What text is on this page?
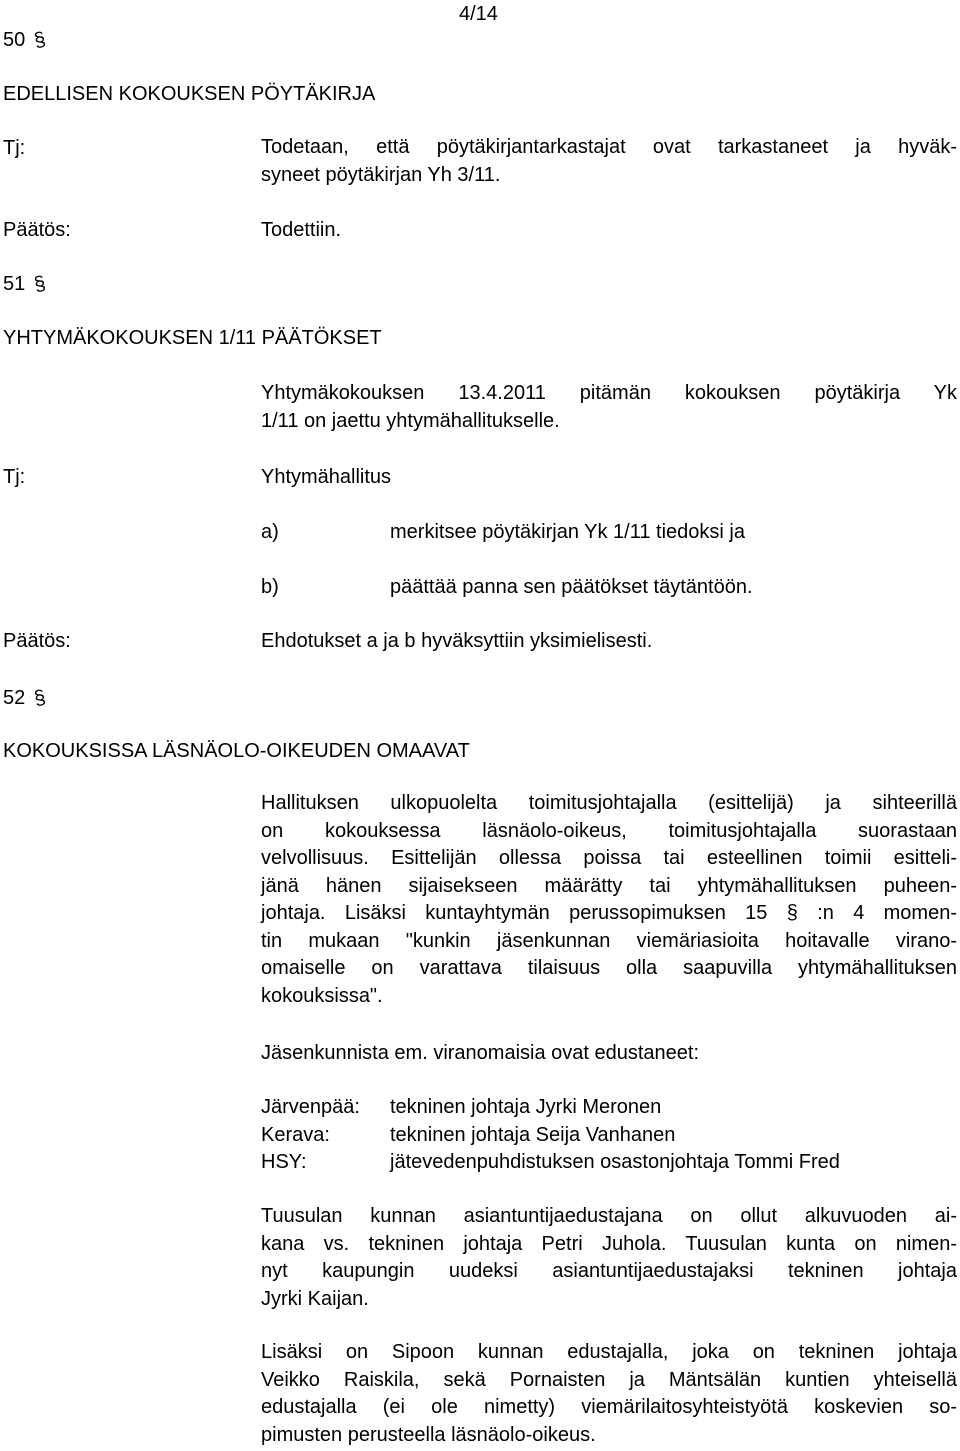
4/14
50 §
EDELLISEN KOKOUKSEN PÖYTÄKIRJA
Tj:	Todetaan, että pöytäkirjantarkastajat ovat tarkastaneet ja hyväk-
syneet pöytäkirjan Yh 3/11.
Päätös:	Todettiin.
51 §
YHTYMÄKOKOUKSEN 1/11 PÄÄTÖKSET
Yhtymäkokouksen 13.4.2011 pitämän kokouksen pöytäkirja Yk
1/11 on jaettu yhtymähallitukselle.
Tj:	Yhtymähallitus
a)	merkitsee pöytäkirjan Yk 1/11 tiedoksi ja
b)	päättää panna sen päätökset täytäntöön.
Päätös:	Ehdotukset a ja b hyväksyttiin yksimielisesti.
52 §
KOKOUKSISSA LÄSNÄOLO-OIKEUDEN OMAAVAT
Hallituksen ulkopuolelta toimitusjohtajalla (esittelijä) ja sihteerillä
on kokouksessa läsnäolo-oikeus, toimitusjohtajalla suorastaan
velvollisuus. Esittelijän ollessa poissa tai esteellinen toimii esitteli-
jänä hänen sijaisekseen määrätty tai yhtymähallituksen puheen-
johtaja. Lisäksi kuntayhtymän perussopimuksen 15 § :n 4 momen-
tin mukaan "kunkin jäsenkunnan viemäriasioita hoitavalle virano-
omaiselle on varattava tilaisuus olla saapuvilla yhtymähallituksen
kokouksissa".
Jäsenkunnista em. viranomaisia ovat edustaneet:
Järvenpää: tekninen johtaja Jyrki Meronen
Kerava:	tekninen johtaja Seija Vanhanen
HSY:	jätevedenpuhdistuksen osastonjohtaja Tommi Fred
Tuusulan kunnan asiantuntijaedustajana on ollut alkuvuoden ai-
kana vs. tekninen johtaja Petri Juhola. Tuusulan kunta on nimen-
nyt kaupungin uudeksi asiantuntijaedustajaksi tekninen johtaja
Jyrki Kaijan.
Lisäksi on Sipoon kunnan edustajalla, joka on tekninen johtaja
Veikko Raiskila, sekä Pornaisten ja Mäntsälän kuntien yhteisellä
edustajalla (ei ole nimetty) viemärilaitosyhteistyötä koskevien so-
pimusten perusteella läsnäolo-oikeus.
